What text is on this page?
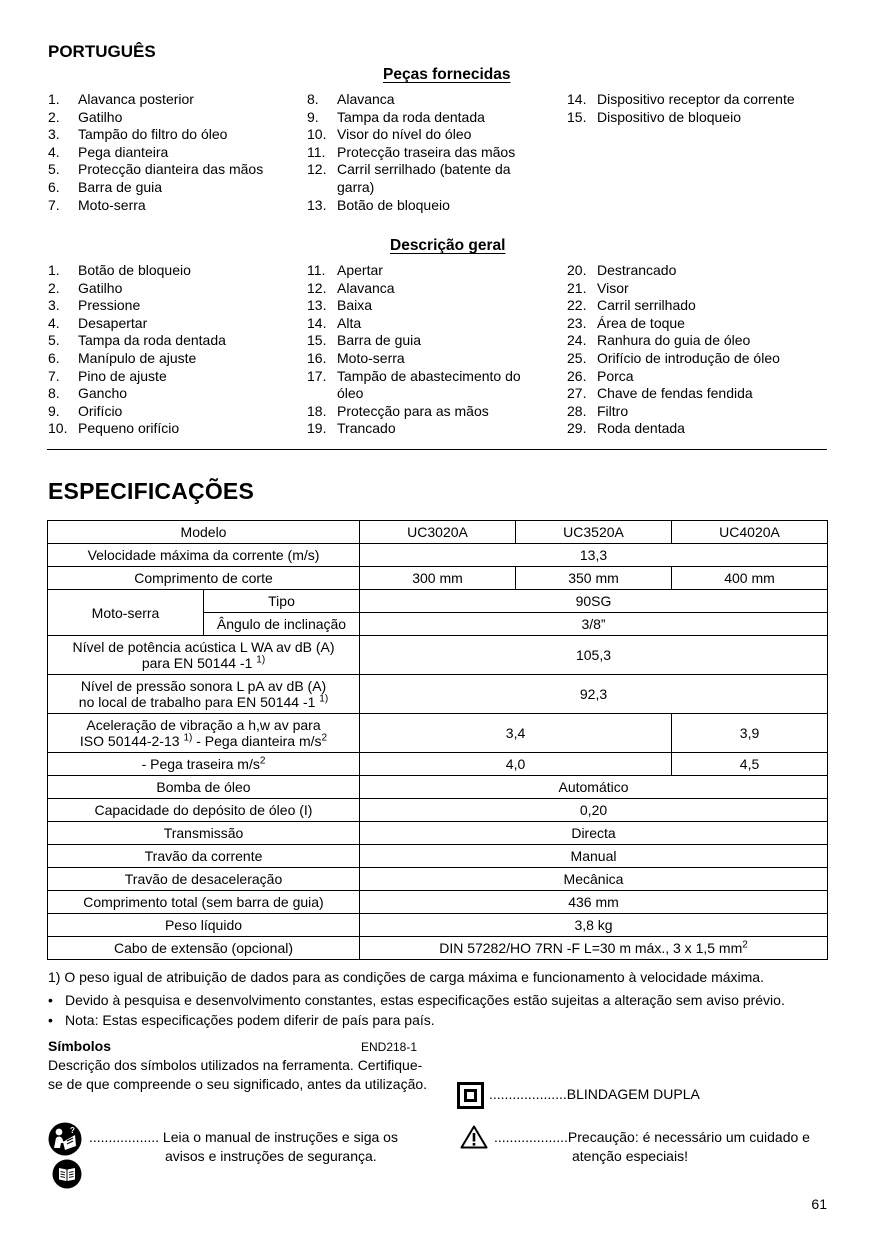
PORTUGUÊS
Peças fornecidas
1. Alavanca posterior
2. Gatilho
3. Tampão do filtro do óleo
4. Pega dianteira
5. Protecção dianteira das mãos
6. Barra de guia
7. Moto-serra
8. Alavanca
9. Tampa da roda dentada
10. Visor do nível do óleo
11. Protecção traseira das mãos
12. Carril serrilhado (batente da garra)
13. Botão de bloqueio
14. Dispositivo receptor da corrente
15. Dispositivo de bloqueio
Descrição geral
1. Botão de bloqueio
2. Gatilho
3. Pressione
4. Desapertar
5. Tampa da roda dentada
6. Manípulo de ajuste
7. Pino de ajuste
8. Gancho
9. Orifício
10. Pequeno orifício
11. Apertar
12. Alavanca
13. Baixa
14. Alta
15. Barra de guia
16. Moto-serra
17. Tampão de abastecimento do óleo
18. Protecção para as mãos
19. Trancado
20. Destrancado
21. Visor
22. Carril serrilhado
23. Área de toque
24. Ranhura do guia de óleo
25. Orifício de introdução de óleo
26. Porca
27. Chave de fendas fendida
28. Filtro
29. Roda dentada
ESPECIFICAÇÕES
Modelo		UC3020A	UC3520A	UC4020A
Velocidade máxima da corrente (m/s)		13,3		
Comprimento de corte		300 mm	350 mm	400 mm
Moto-serra	Tipo	90SG		
	Ângulo de inclinação	3/8”		
Nível de potência acústica L WA av dB (A)
para EN 50144 -1 $^{1)}$		105,3		
Nível de pressão sonora L pA av dB (A)
no local de trabalho para EN 50144 -1 $^{1)}$		92,3		
Aceleração de vibração a h,w av para
ISO 50144-2-13 $^{1)}$ - Pega dianteira $m/s^2$		3,4		3,9
- Pega traseira $m/s^2$		4,0		4,5
Bomba de óleo		Automático		
Capacidade do depósito de óleo (I)		0,20		
Transmissão		Directa		
Travão da corrente		Manual		
Travão de desaceleração		Mecânica		
Comprimento total (sem barra de guia)		436 mm		
Peso líquido		3,8 kg		
Cabo de extensão (opcional)		DIN 57282/HO 7RN -F L=30 m máx., 3 x 1,5 $mm^2$
1) O peso igual de atribuição de dados para as condições de carga máxima e funcionamento à velocidade máxima.
• Devido à pesquisa e desenvolvimento constantes, estas especificações estão sujeitas a alteração sem aviso prévio.
• Nota: Estas especificações podem diferir de país para país.
Símbolos	END218-1
Descrição dos símbolos utilizados na ferramenta. Certifique-se de que compreende o seu significado, antes da utilização.
? .................. Leia o manual de instruções e siga os
avisos e instruções de segurança.
....................BLINDAGEM DUPLA
...................Precaução: é necessário um cuidado e
atenção especiais!
61
